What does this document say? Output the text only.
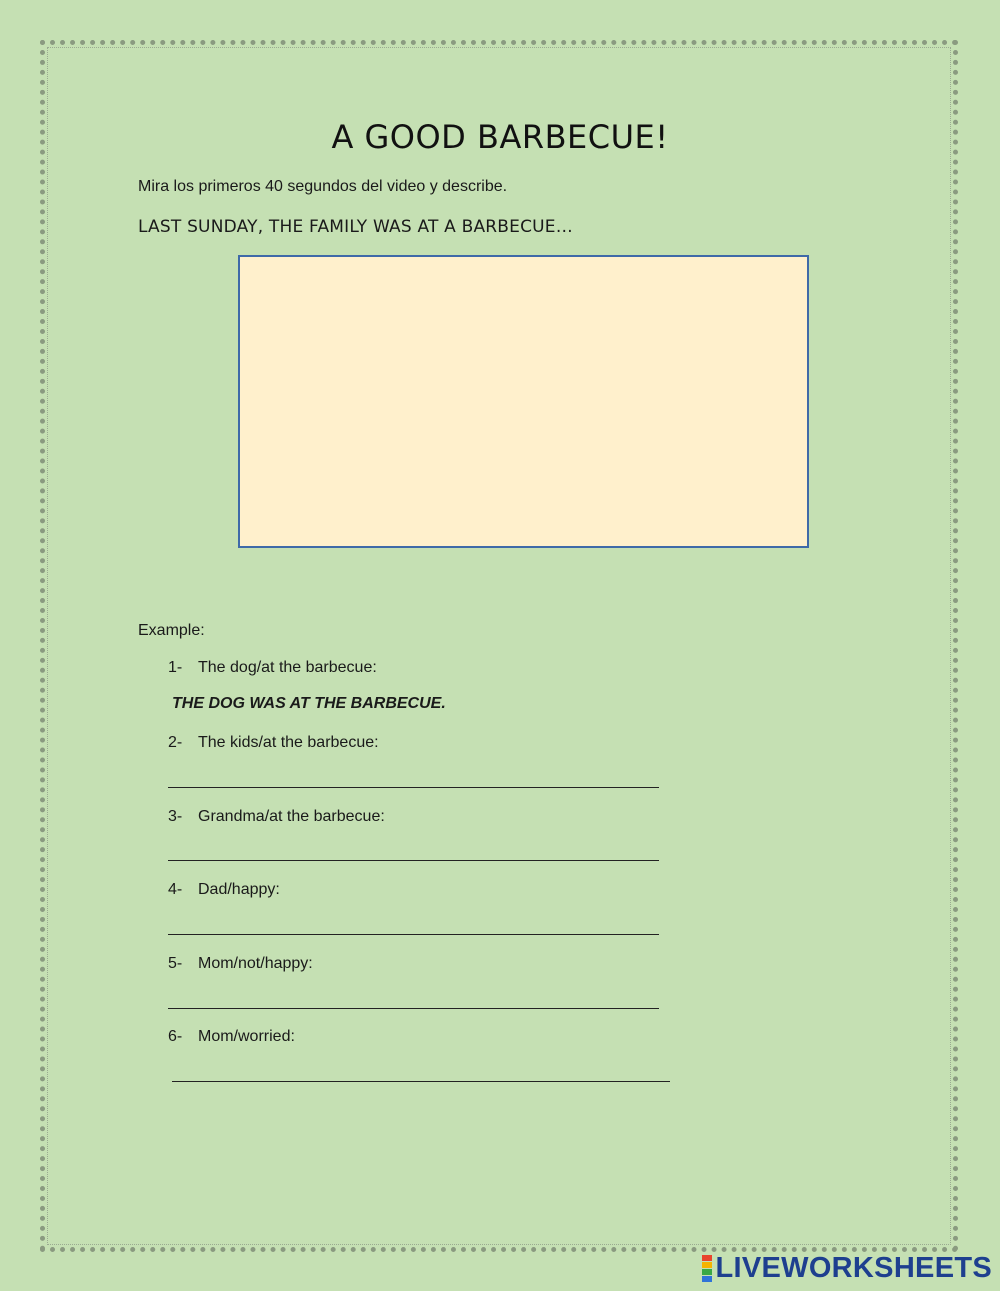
A GOOD BARBECUE!

Mira los primeros 40 segundos del video y describe.

LAST SUNDAY, THE FAMILY WAS AT A BARBECUE…

Example:

1- The dog/at the barbecue:

THE DOG WAS AT THE BARBECUE.

2- The kids/at the barbecue:

3- Grandma/at the barbecue:

4- Dad/happy:

5- Mom/not/happy:

6- Mom/worried:

LIVEWORKSHEETS
